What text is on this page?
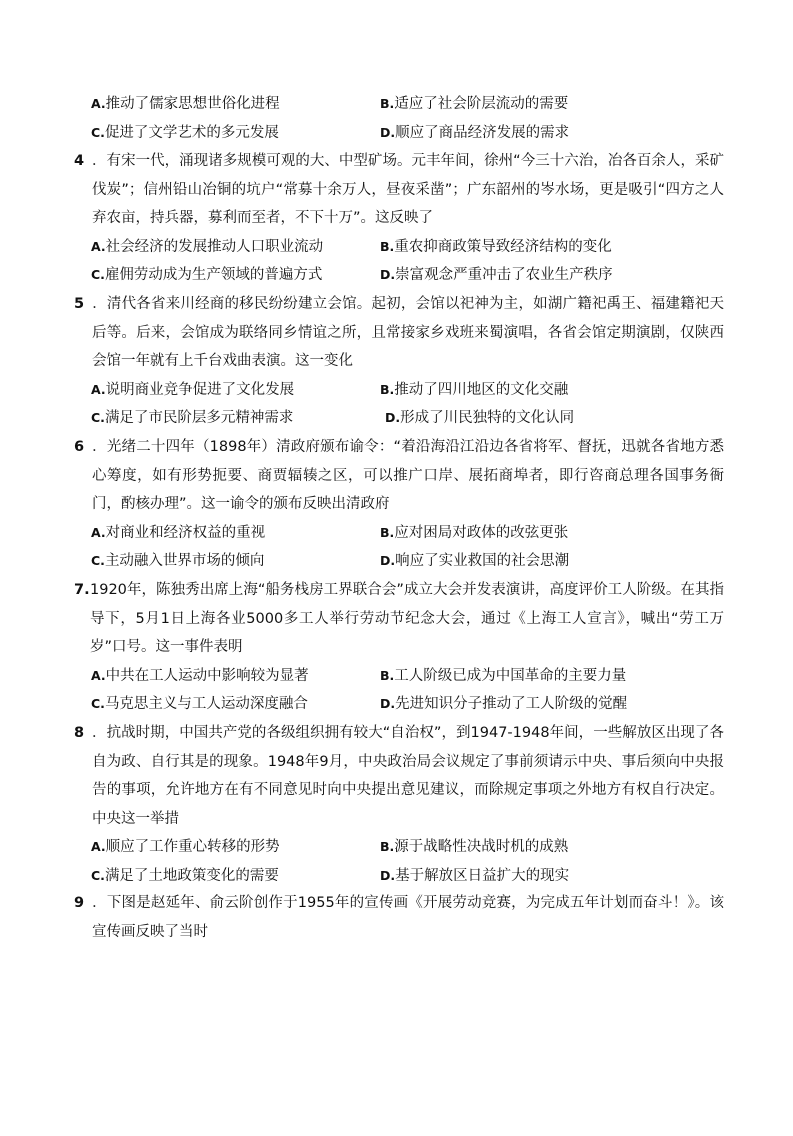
A.推动了儒家思想世俗化进程	B.适应了社会阶层流动的需要
C.促进了文学艺术的多元发展	D.顺应了商品经济发展的需求
4 ．有宋一代，涌现诸多规模可观的大、中型矿场。元丰年间，徐州“今三十六治，冶各百余人，采矿伐炭”；信州铅山冶铜的坑户“常募十余万人，昼夜采凿”；广东韶州的岑水场，更是吸引“四方之人弃农亩，持兵器，募利而至者，不下十万”。这反映了
A.社会经济的发展推动人口职业流动	B.重农抑商政策导致经济结构的变化
C.雇佣劳动成为生产领域的普遍方式	D.崇富观念严重冲击了农业生产秩序
5 ．清代各省来川经商的移民纷纷建立会馆。起初，会馆以祀神为主，如湖广籍祀禹王、福建籍祀天后等。后来，会馆成为联络同乡情谊之所，且常接家乡戏班来蜀演唱，各省会馆定期演剧，仅陕西会馆一年就有上千台戏曲表演。这一变化
A.说明商业竞争促进了文化发展	B.推动了四川地区的文化交融
C.满足了市民阶层多元精神需求	D.形成了川民独特的文化认同
6 ．光绪二十四年（1898年）清政府颁布谕令：“着沿海沿江沿边各省将军、督抚，迅就各省地方悉心筹度，如有形势扼要、商贾辐辏之区，可以推广口岸、展拓商埠者，即行咨商总理各国事务衙门，酌核办理”。这一谕令的颁布反映出清政府
A.对商业和经济权益的重视	B.应对困局对政体的改弦更张
C.主动融入世界市场的倾向	D.响应了实业救国的社会思潮
7.1920年，陈独秀出席上海“船务栈房工界联合会”成立大会并发表演讲，高度评价工人阶级。在其指导下，5月1日上海各业5000多工人举行劳动节纪念大会，通过《上海工人宣言》，喊出“劳工万岁”口号。这一事件表明
A.中共在工人运动中影响较为显著	B.工人阶级已成为中国革命的主要力量
C.马克思主义与工人运动深度融合	D.先进知识分子推动了工人阶级的觉醒
8 ．抗战时期，中国共产党的各级组织拥有较大“自治权”，到1947-1948年间，一些解放区出现了各自为政、自行其是的现象。1948年9月，中央政治局会议规定了事前须请示中央、事后须向中央报告的事项，允许地方在有不同意见时向中央提出意见建议，而除规定事项之外地方有权自行决定。中央这一举措
A.顺应了工作重心转移的形势	B.源于战略性决战时机的成熟
C.满足了土地政策变化的需要	D.基于解放区日益扩大的现实
9 ．下图是赵延年、俞云阶创作于1955年的宣传画《开展劳动竞赛，为完成五年计划而奋斗！》。该宣传画反映了当时
